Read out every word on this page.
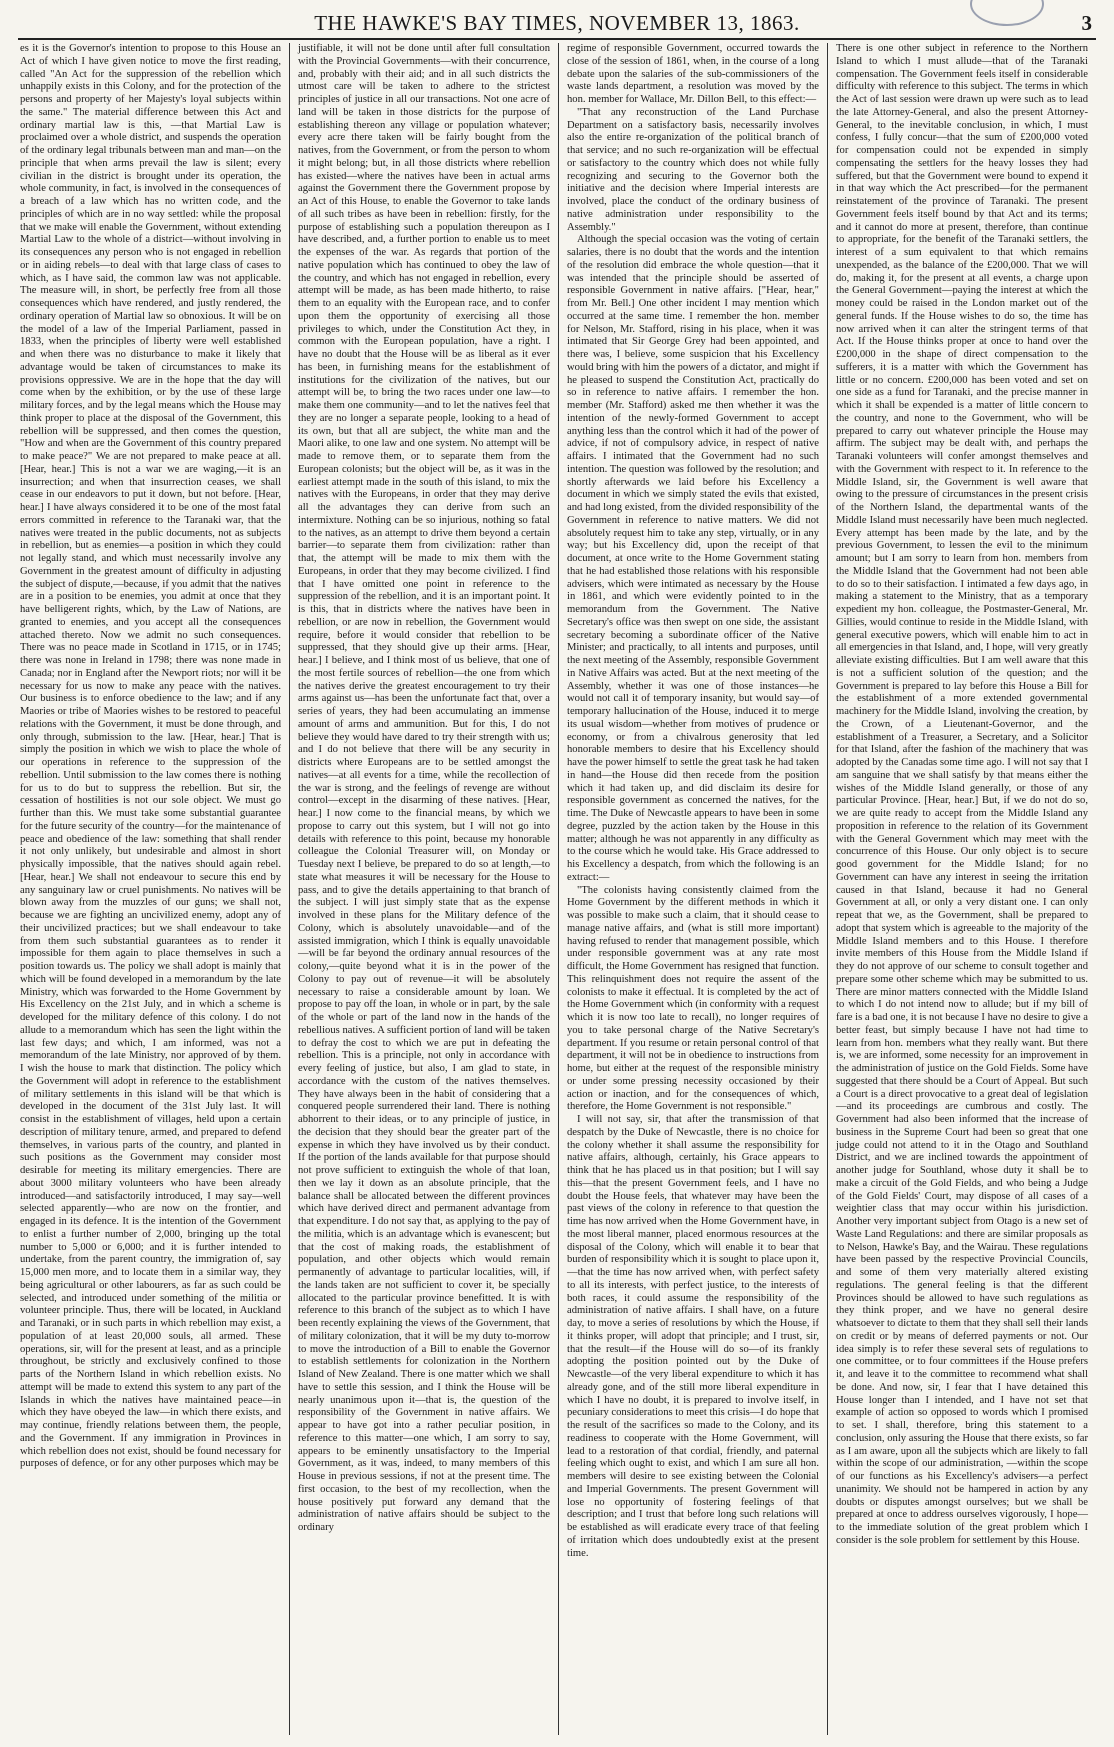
THE HAWKE'S BAY TIMES, NOVEMBER 13, 1863.	3

es it is the Governor's intention to propose to this House an Act of which I have given notice to move the first reading, called "An Act for the suppression of the rebellion which unhappily exists in this Colony, and for the protection of the persons and property of her Majesty's loyal subjects within the same." The material difference between this Act and ordinary martial law is this, —that Martial Law is proclaimed over a whole district, and suspends the operation of the ordinary legal tribunals between man and man—on the principle that when arms prevail the law is silent; every civilian in the district is brought under its operation, the whole community, in fact, is involved in the consequences of a breach of a law which has no written code, and the principles of which are in no way settled: while the proposal that we make will enable the Government, without extending Martial Law to the whole of a district—without involving in its consequences any person who is not engaged in rebellion or in aiding rebels—to deal with that large class of cases to which, as I have said, the common law was not applicable. The measure will, in short, be perfectly free from all those consequences which have rendered, and justly rendered, the ordinary operation of Martial law so obnoxious. It will be on the model of a law of the Imperial Parliament, passed in 1833, when the principles of liberty were well established and when there was no disturbance to make it likely that advantage would be taken of circumstances to make its provisions oppressive. We are in the hope that the day will come when by the exhibition, or by the use of these large military forces, and by the legal means which the House may think proper to place at the disposal of the Government, this rebellion will be suppressed, and then comes the question, "How and when are the Government of this country prepared to make peace?" We are not prepared to make peace at all. [Hear, hear.] This is not a war we are waging,—it is an insurrection; and when that insurrection ceases, we shall cease in our endeavors to put it down, but not before. [Hear, hear.] I have always considered it to be one of the most fatal errors committed in reference to the Taranaki war, that the natives were treated in the public documents, not as subjects in rebellion, but as enemies—a position in which they could not legally stand, and which must necessarily involve any Government in the greatest amount of difficulty in adjusting the subject of dispute,—because, if you admit that the natives are in a position to be enemies, you admit at once that they have belligerent rights, which, by the Law of Nations, are granted to enemies, and you accept all the consequences attached thereto. Now we admit no such consequences. There was no peace made in Scotland in 1715, or in 1745; there was none in Ireland in 1798; there was none made in Canada; nor in England after the Newport riots; nor will it be necessary for us now to make any peace with the natives. Our business is to enforce obedience to the law; and if any Maories or tribe of Maories wishes to be restored to peaceful relations with the Government, it must be done through, and only through, submission to the law. [Hear, hear.] That is simply the position in which we wish to place the whole of our operations in reference to the suppression of the rebellion. Until submission to the law comes there is nothing for us to do but to suppress the rebellion. But sir, the cessation of hostilities is not our sole object. We must go further than this. We must take some substantial guarantee for the future security of the country—for the maintenance of peace and obedience of the law: something that shall render it not only unlikely, but undesirable and almost in short physically impossible, that the natives should again rebel. [Hear, hear.] We shall not endeavour to secure this end by any sanguinary law or cruel punishments. No natives will be blown away from the muzzles of our guns; we shall not, because we are fighting an uncivilized enemy, adopt any of their uncivilized practices; but we shall endeavour to take from them such substantial guarantees as to render it impossible for them again to place themselves in such a position towards us. The policy we shall adopt is mainly that which will be found developed in a memorandum by the late Ministry, which was forwarded to the Home Government by His Excellency on the 21st July, and in which a scheme is developed for the military defence of this colony. I do not allude to a memorandum which has seen the light within the last few days; and which, I am informed, was not a memorandum of the late Ministry, nor approved of by them. I wish the house to mark that distinction. The policy which the Government will adopt in reference to the establishment of military settlements in this island will be that which is developed in the document of the 31st July last. It will consist in the establishment of villages, held upon a certain description of military tenure, armed, and prepared to defend themselves, in various parts of the country, and planted in such positions as the Government may consider most desirable for meeting its military emergencies. There are about 3000 military volunteers who have been already introduced—and satisfactorily introduced, I may say—well selected apparently—who are now on the frontier, and engaged in its defence. It is the intention of the Government to enlist a further number of 2,000, bringing up the total number to 5,000 or 6,000; and it is further intended to undertake, from the parent country, the immigration of, say 15,000 men more, and to locate them in a similar way, they being agricultural or other labourers, as far as such could be selected, and introduced under something of the militia or volunteer principle. Thus, there will be located, in Auckland and Taranaki, or in such parts in which rebellion may exist, a population of at least 20,000 souls, all armed. These operations, sir, will for the present at least, and as a principle throughout, be strictly and exclusively confined to those parts of the Northern Island in which rebellion exists. No attempt will be made to extend this system to any part of the Islands in which the natives have maintained peace—in which they have obeyed the law—in which there exists, and may continue, friendly relations between them, the people, and the Government. If any immigration in Provinces in which rebellion does not exist, should be found necessary for purposes of defence, or for any other purposes which may be

justifiable, it will not be done until after full consultation with the Provincial Governments—with their concurrence, and, probably with their aid; and in all such districts the utmost care will be taken to adhere to the strictest principles of justice in all our transactions. Not one acre of land will be taken in those districts for the purpose of establishing thereon any village or population whatever; every acre there taken will be fairly bought from the natives, from the Government, or from the person to whom it might belong; but, in all those districts where rebellion has existed—where the natives have been in actual arms against the Government there the Government propose by an Act of this House, to enable the Governor to take lands of all such tribes as have been in rebellion: firstly, for the purpose of establishing such a population thereupon as I have described, and, a further portion to enable us to meet the expenses of the war. As regards that portion of the native population which has continued to obey the law of the country, and which has not engaged in rebellion, every attempt will be made, as has been made hitherto, to raise them to an equality with the European race, and to confer upon them the opportunity of exercising all those privileges to which, under the Constitution Act they, in common with the European population, have a right. I have no doubt that the House will be as liberal as it ever has been, in furnishing means for the establishment of institutions for the civilization of the natives, but our attempt will be, to bring the two races under one law—to make them one community—and to let the natives feel that they are no longer a separate people, looking to a head of its own, but that all are subject, the white man and the Maori alike, to one law and one system. No attempt will be made to remove them, or to separate them from the European colonists; but the object will be, as it was in the earliest attempt made in the south of this island, to mix the natives with the Europeans, in order that they may derive all the advantages they can derive from such an intermixture. Nothing can be so injurious, nothing so fatal to the natives, as an attempt to drive them beyond a certain barrier—to separate them from civilization: rather than that, the attempt will be made to mix them with the Europeans, in order that they may become civilized. I find that I have omitted one point in reference to the suppression of the rebellion, and it is an important point. It is this, that in districts where the natives have been in rebellion, or are now in rebellion, the Government would require, before it would consider that rebellion to be suppressed, that they should give up their arms. [Hear, hear.] I believe, and I think most of us believe, that one of the most fertile sources of rebellion—the one from which the natives derive the greatest encouragement to try their arms against us—has been the unfortunate fact that, over a series of years, they had been accumulating an immense amount of arms and ammunition. But for this, I do not believe they would have dared to try their strength with us; and I do not believe that there will be any security in districts where Europeans are to be settled amongst the natives—at all events for a time, while the recollection of the war is strong, and the feelings of revenge are without control—except in the disarming of these natives. [Hear, hear.] I now come to the financial means, by which we propose to carry out this system, but I will not go into details with reference to this point, because my honorable colleague the Colonial Treasurer will, on Monday or Tuesday next I believe, be prepared to do so at length,—to state what measures it will be necessary for the House to pass, and to give the details appertaining to that branch of the subject. I will just simply state that as the expense involved in these plans for the Military defence of the Colony, which is absolutely unavoidable—and of the assisted immigration, which I think is equally unavoidable—will be far beyond the ordinary annual resources of the colony,—quite beyond what it is in the power of the Colony to pay out of revenue—it will be absolutely necessary to raise a considerable amount by loan. We propose to pay off the loan, in whole or in part, by the sale of the whole or part of the land now in the hands of the rebellious natives. A sufficient portion of land will be taken to defray the cost to which we are put in defeating the rebellion. This is a principle, not only in accordance with every feeling of justice, but also, I am glad to state, in accordance with the custom of the natives themselves. They have always been in the habit of considering that a conquered people surrendered their land. There is nothing abhorrent to their ideas, or to any principle of justice, in the decision that they should bear the greater part of the expense in which they have involved us by their conduct. If the portion of the lands available for that purpose should not prove sufficient to extinguish the whole of that loan, then we lay it down as an absolute principle, that the balance shall be allocated between the different provinces which have derived direct and permanent advantage from that expenditure. I do not say that, as applying to the pay of the militia, which is an advantage which is evanescent; but that the cost of making roads, the establishment of population, and other objects which would remain permanently of advantage to particular localities, will, if the lands taken are not sufficient to cover it, be specially allocated to the particular province benefitted. It is with reference to this branch of the subject as to which I have been recently explaining the views of the Government, that of military colonization, that it will be my duty to-morrow to move the introduction of a Bill to enable the Governor to establish settlements for colonization in the Northern Island of New Zealand. There is one matter which we shall have to settle this session, and I think the House will be nearly unanimous upon it—that is, the question of the responsibility of the Government in native affairs. We appear to have got into a rather peculiar position, in reference to this matter—one which, I am sorry to say, appears to be eminently unsatisfactory to the Imperial Government, as it was, indeed, to many members of this House in previous sessions, if not at the present time. The first occasion, to the best of my recollection, when the house positively put forward any demand that the administration of native affairs should be subject to the ordinary

regime of responsible Government, occurred towards the close of the session of 1861, when, in the course of a long debate upon the salaries of the sub-commissioners of the waste lands department, a resolution was moved by the hon. member for Wallace, Mr. Dillon Bell, to this effect:—

"That any reconstruction of the Land Purchase Department on a satisfactory basis, necessarily involves also the entire re-organization of the political branch of that service; and no such re-organization will be effectual or satisfactory to the country which does not while fully recognizing and securing to the Governor both the initiative and the decision where Imperial interests are involved, place the conduct of the ordinary business of native administration under responsibility to the Assembly."

Although the special occasion was the voting of certain salaries, there is no doubt that the words and the intention of the resolution did embrace the whole question—that it was intended that the principle should be asserted of responsible Government in native affairs. ["Hear, hear," from Mr. Bell.] One other incident I may mention which occurred at the same time. I remember the hon. member for Nelson, Mr. Stafford, rising in his place, when it was intimated that Sir George Grey had been appointed, and there was, I believe, some suspicion that his Excellency would bring with him the powers of a dictator, and might if he pleased to suspend the Constitution Act, practically do so in reference to native affairs. I remember the hon. member (Mr. Stafford) asked me then whether it was the intention of the newly-formed Government to accept anything less than the control which it had of the power of advice, if not of compulsory advice, in respect of native affairs. I intimated that the Government had no such intention. The question was followed by the resolution; and shortly afterwards we laid before his Excellency a document in which we simply stated the evils that existed, and had long existed, from the divided responsibility of the Government in reference to native matters. We did not absolutely request him to take any step, virtually, or in any way; but his Excellency did, upon the receipt of that document, at once write to the Home Government stating that he had established those relations with his responsible advisers, which were intimated as necessary by the House in 1861, and which were evidently pointed to in the memorandum from the Government. The Native Secretary's office was then swept on one side, the assistant secretary becoming a subordinate officer of the Native Minister; and practically, to all intents and purposes, until the next meeting of the Assembly, responsible Government in Native Affairs was acted. But at the next meeting of the Assembly, whether it was one of those instances—he would not call it of temporary insanity, but would say—of temporary hallucination of the House, induced it to merge its usual wisdom—whether from motives of prudence or economy, or from a chivalrous generosity that led honorable members to desire that his Excellency should have the power himself to settle the great task he had taken in hand—the House did then recede from the position which it had taken up, and did disclaim its desire for responsible government as concerned the natives, for the time. The Duke of Newcastle appears to have been in some degree, puzzled by the action taken by the House in this matter; although he was not apparently in any difficulty as to the course which he would take. His Grace addressed to his Excellency a despatch, from which the following is an extract:—

"The colonists having consistently claimed from the Home Government by the different methods in which it was possible to make such a claim, that it should cease to manage native affairs, and (what is still more important) having refused to render that management possible, which under responsible government was at any rate most difficult, the Home Government has resigned that function. This relinquishment does not require the assent of the colonists to make it effectual. It is completed by the act of the Home Government which (in conformity with a request which it is now too late to recall), no longer requires of you to take personal charge of the Native Secretary's department. If you resume or retain personal control of that department, it will not be in obedience to instructions from home, but either at the request of the responsible ministry or under some pressing necessity occasioned by their action or inaction, and for the consequences of which, therefore, the Home Government is not responsible."

I will not say, sir, that after the transmission of that despatch by the Duke of Newcastle, there is no choice for the colony whether it shall assume the responsibility for native affairs, although, certainly, his Grace appears to think that he has placed us in that position; but I will say this—that the present Government feels, and I have no doubt the House feels, that whatever may have been the past views of the colony in reference to that question the time has now arrived when the Home Government have, in the most liberal manner, placed enormous resources at the disposal of the Colony, which will enable it to bear that burden of responsibility which it is sought to place upon it,—that the time has now arrived when, with perfect safety to all its interests, with perfect justice, to the interests of both races, it could assume the responsibility of the administration of native affairs. I shall have, on a future day, to move a series of resolutions by which the House, if it thinks proper, will adopt that principle; and I trust, sir, that the result—if the House will do so—of its frankly adopting the position pointed out by the Duke of Newcastle—of the very liberal expenditure to which it has already gone, and of the still more liberal expenditure in which I have no doubt, it is prepared to involve itself, in pecuniary considerations to meet this crisis—I do hope that the result of the sacrifices so made to the Colony, and its readiness to cooperate with the Home Government, will lead to a restoration of that cordial, friendly, and paternal feeling which ought to exist, and which I am sure all hon. members will desire to see existing between the Colonial and Imperial Governments. The present Government will lose no opportunity of fostering feelings of that description; and I trust that before long such relations will be established as will eradicate every trace of that feeling of irritation which does undoubtedly exist at the present time.

There is one other subject in reference to the Northern Island to which I must allude—that of the Taranaki compensation. The Government feels itself in considerable difficulty with reference to this subject. The terms in which the Act of last session were drawn up were such as to lead the late Attorney-General, and also the present Attorney-General, to the inevitable conclusion, in which, I must confess, I fully concur—that the sum of £200,000 voted for compensation could not be expended in simply compensating the settlers for the heavy losses they had suffered, but that the Government were bound to expend it in that way which the Act prescribed—for the permanent reinstatement of the province of Taranaki. The present Government feels itself bound by that Act and its terms; and it cannot do more at present, therefore, than continue to appropriate, for the benefit of the Taranaki settlers, the interest of a sum equivalent to that which remains unexpended, as the balance of the £200,000. That we will do, making it, for the present at all events, a charge upon the General Government—paying the interest at which the money could be raised in the London market out of the general funds. If the House wishes to do so, the time has now arrived when it can alter the stringent terms of that Act. If the House thinks proper at once to hand over the £200,000 in the shape of direct compensation to the sufferers, it is a matter with which the Government has little or no concern. £200,000 has been voted and set on one side as a fund for Taranaki, and the precise manner in which it shall be expended is a matter of little concern to the country, and none to the Government, who will be prepared to carry out whatever principle the House may affirm. The subject may be dealt with, and perhaps the Taranaki volunteers will confer amongst themselves and with the Government with respect to it. In reference to the Middle Island, sir, the Government is well aware that owing to the pressure of circumstances in the present crisis of the Northern Island, the departmental wants of the Middle Island must necessarily have been much neglected. Every attempt has been made by the late, and by the previous Government, to lessen the evil to the minimum amount; but I am sorry to learn from hon. members from the Middle Island that the Government had not been able to do so to their satisfaction. I intimated a few days ago, in making a statement to the Ministry, that as a temporary expedient my hon. colleague, the Postmaster-General, Mr. Gillies, would continue to reside in the Middle Island, with general executive powers, which will enable him to act in all emergencies in that Island, and, I hope, will very greatly alleviate existing difficulties. But I am well aware that this is not a sufficient solution of the question; and the Government is prepared to lay before this House a Bill for the establishment of a more extended governmental machinery for the Middle Island, involving the creation, by the Crown, of a Lieutenant-Governor, and the establishment of a Treasurer, a Secretary, and a Solicitor for that Island, after the fashion of the machinery that was adopted by the Canadas some time ago. I will not say that I am sanguine that we shall satisfy by that means either the wishes of the Middle Island generally, or those of any particular Province. [Hear, hear.] But, if we do not do so, we are quite ready to accept from the Middle Island any proposition in reference to the relation of its Government with the General Government which may meet with the concurrence of this House. Our only object is to secure good government for the Middle Island; for no Government can have any interest in seeing the irritation caused in that Island, because it had no General Government at all, or only a very distant one. I can only repeat that we, as the Government, shall be prepared to adopt that system which is agreeable to the majority of the Middle Island members and to this House. I therefore invite members of this House from the Middle Island if they do not approve of our scheme to consult together and prepare some other scheme which may be submitted to us. There are minor matters connected with the Middle Island to which I do not intend now to allude; but if my bill of fare is a bad one, it is not because I have no desire to give a better feast, but simply because I have not had time to learn from hon. members what they really want. But there is, we are informed, some necessity for an improvement in the administration of justice on the Gold Fields. Some have suggested that there should be a Court of Appeal. But such a Court is a direct provocative to a great deal of legislation—and its proceedings are cumbrous and costly. The Government had also been informed that the increase of business in the Supreme Court had been so great that one judge could not attend to it in the Otago and Southland District, and we are inclined towards the appointment of another judge for Southland, whose duty it shall be to make a circuit of the Gold Fields, and who being a Judge of the Gold Fields' Court, may dispose of all cases of a weightier class that may occur within his jurisdiction. Another very important subject from Otago is a new set of Waste Land Regulations: and there are similar proposals as to Nelson, Hawke's Bay, and the Wairau. These regulations have been passed by the respective Provincial Councils, and some of them very materially altered existing regulations. The general feeling is that the different Provinces should be allowed to have such regulations as they think proper, and we have no general desire whatsoever to dictate to them that they shall sell their lands on credit or by means of deferred payments or not. Our idea simply is to refer these several sets of regulations to one committee, or to four committees if the House prefers it, and leave it to the committee to recommend what shall be done. And now, sir, I fear that I have detained this House longer than I intended, and I have not set that example of action so opposed to words which I promised to set. I shall, therefore, bring this statement to a conclusion, only assuring the House that there exists, so far as I am aware, upon all the subjects which are likely to fall within the scope of our administration, —within the scope of our functions as his Excellency's advisers—a perfect unanimity. We should not be hampered in action by any doubts or disputes amongst ourselves; but we shall be prepared at once to address ourselves vigorously, I hope—to the immediate solution of the great problem which I consider is the sole problem for settlement by this House.
